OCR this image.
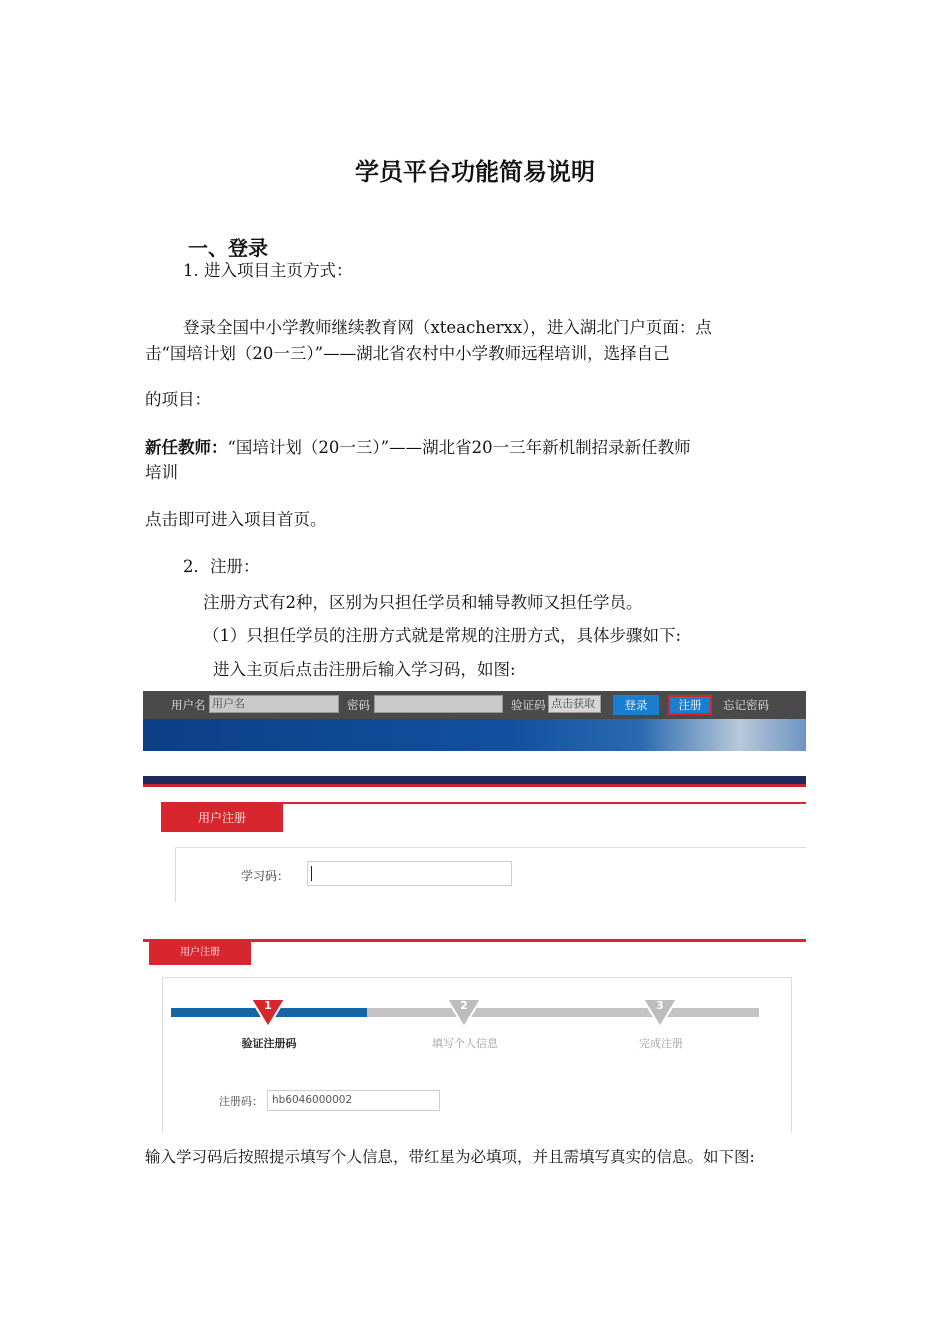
学员平台功能简易说明
一、登录
1. 进入项目主页方式：
登录全国中小学教师继续教育网（xteacherxx），进入湖北门户页面：点
击“国培计划（20一三）”——湖北省农村中小学教师远程培训，选择自己
的项目：
新任教师：“国培计划（20一三）”——湖北省20一三年新机制招录新任教师
培训
点击即可进入项目首页。
2．注册：
注册方式有2种，区别为只担任学员和辅导教师又担任学员。
（1）只担任学员的注册方式就是常规的注册方式，具体步骤如下:
进入主页后点击注册后输入学习码，如图:
用户名 用户名	密码	验证码 点击获取	登录	注册	忘记密码
用户注册
学习码：
用户注册
1	2	3
验证注册码	填写个人信息	完成注册
注册码： hb6046000002
输入学习码后按照提示填写个人信息，带红星为必填项，并且需填写真实的信息。如下图:
